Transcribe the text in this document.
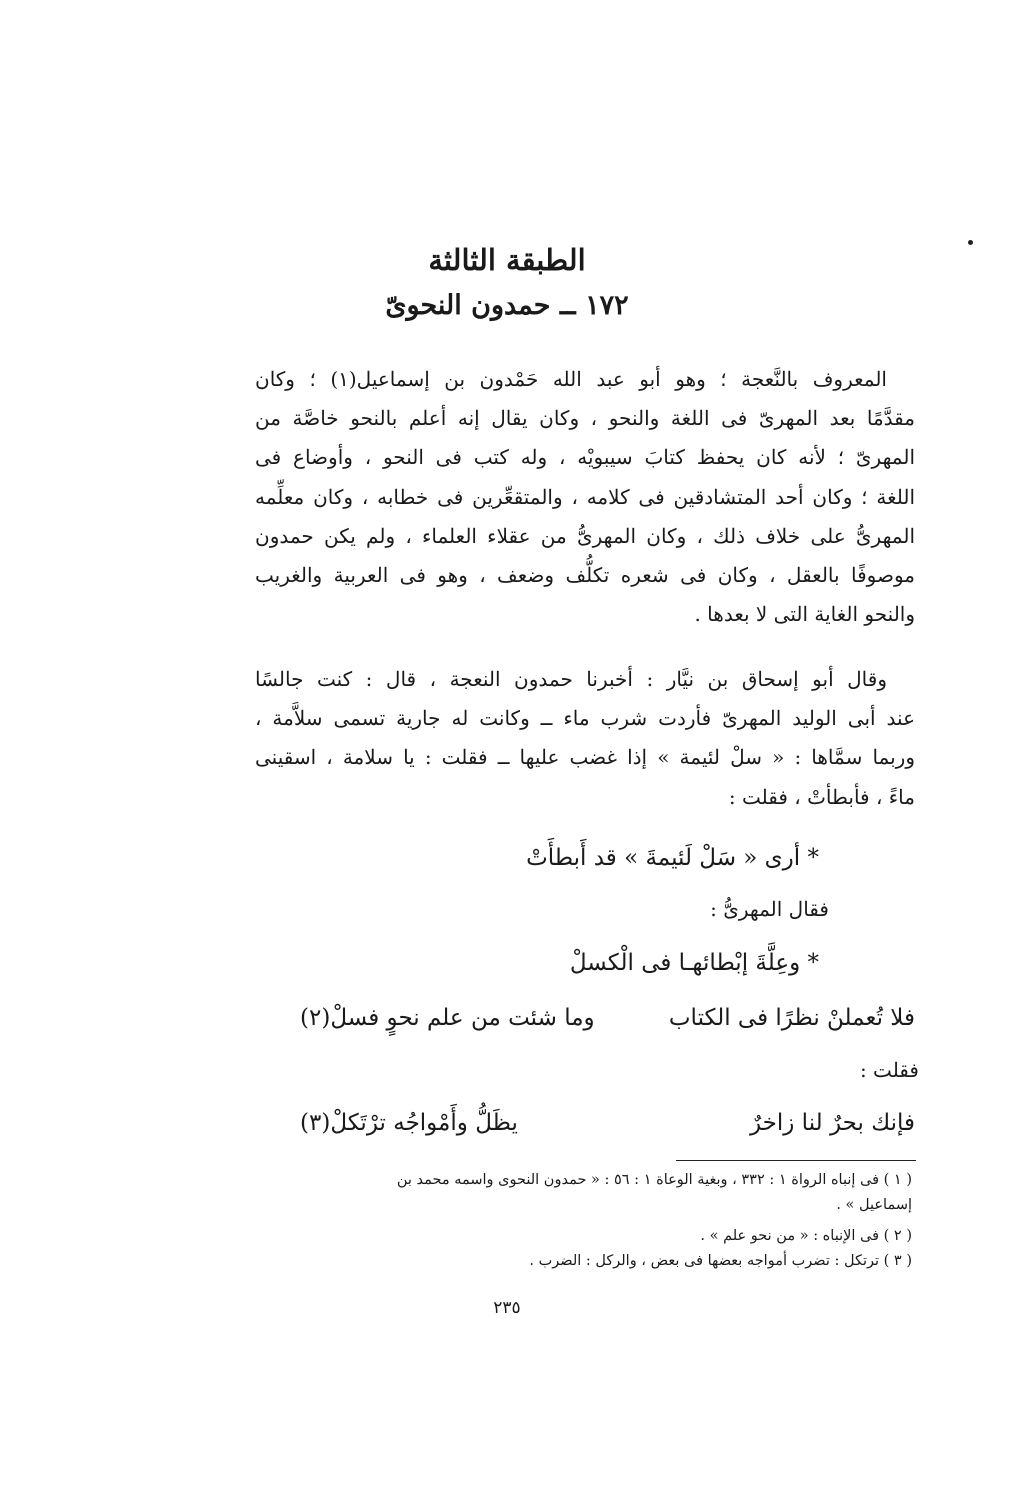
الطبقة الثالثة
١٧٢ ــ حمدون النحوىّ
المعروف بالنَّعجة ؛ وهو أبو عبد الله حَمْدون بن إسماعيل(١) ؛ وكان
مقدَّمًا بعد المهرىّ فى اللغة والنحو ، وكان يقال إنه أعلم بالنحو خاصَّة من
المهرىّ ؛ لأنه كان يحفظ كتابَ سيبويْه ، وله كتب فى النحو ، وأوضاع فى
اللغة ؛ وكان أحد المتشادقين فى كلامه ، والمتقعِّرين فى خطابه ، وكان معلِّمه
المهرىُّ على خلاف ذلك ، وكان المهرىُّ من عقلاء العلماء ، ولم يكن حمدون
موصوفًا بالعقل ، وكان فى شعره تكلُّف وضعف ، وهو فى العربية والغريب
والنحو الغاية التى لا بعدها .
وقال أبو إسحاق بن نيَّار : أخبرنا حمدون النعجة ، قال : كنت جالسًا
عند أبى الوليد المهرىّ فأردت شرب ماء ــ وكانت له جارية تسمى سلاَّمة ،
وربما سمَّاها : « سلْ لئيمة » إذا غضب عليها ــ فقلت : يا سلامة ، اسقينى
ماءً ، فأبطأتْ ، فقلت :
* أرى « سَلْ لَئيمةَ » قد أَبطأَتْ
فقال المهرىُّ :
* وعِلَّةَ إبْطائهـا فى الْكسلْ
فلا تُعملنْ نظرًا فى الكتاب
وما شئت من علم نحوٍ فسلْ(٢)
فقلت :
فإنك بحرٌ لنا زاخرٌ
يظَلُّ وأَمْواجُه ترْتَكلْ(٣)
( ١ ) فى إنباه الرواة ١ : ٣٣٢ ، وبغية الوعاة ١ : ٥٦ : « حمدون النحوى واسمه محمد بن
إسماعيل » .
( ٢ ) فى الإنباه : « من نحو علم » .
( ٣ ) ترتكل : تضرب أمواجه بعضها فى بعض ، والركل : الضرب .
٢٣٥
